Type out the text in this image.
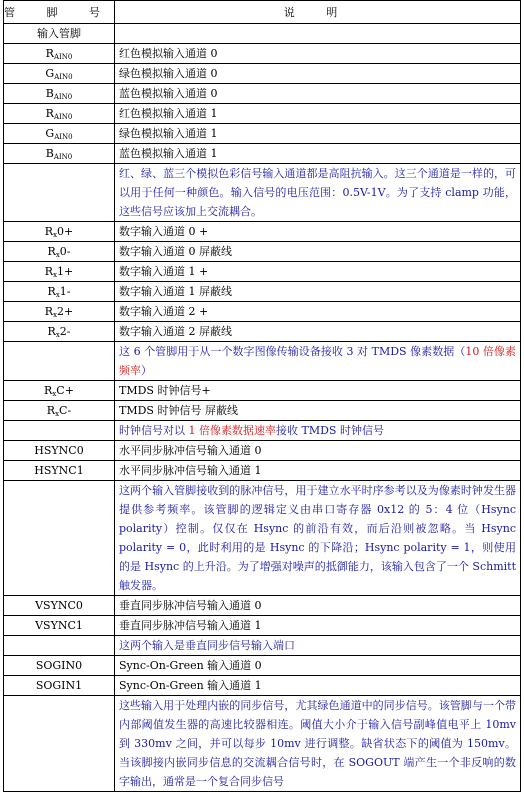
管 脚 号	说 明
输入管脚	
$R_{AIN0}$	红色模拟输入通道 0
$G_{AIN0}$	绿色模拟输入通道 0
$B_{AIN0}$	蓝色模拟输入通道 0
$R_{AIN0}$	红色模拟输入通道 1
$G_{AIN0}$	绿色模拟输入通道 1
$B_{AIN0}$	蓝色模拟输入通道 1
	红、绿、蓝三个模拟色彩信号输入通道都是高阻抗输入。这三个通道是一样的，可以用于任何一种颜色。输入信号的电压范围：0.5V-1V。为了支持 clamp 功能，这些信号应该加上交流耦合。
$R_x0+$	数字输入通道 0 +
$R_x0-$	数字输入通道 0 屏蔽线
$R_x1+$	数字输入通道 1 +
$R_x1-$	数字输入通道 1 屏蔽线
$R_x2+$	数字输入通道 2 +
$R_x2-$	数字输入通道 2 屏蔽线
	这 6 个管脚用于从一个数字图像传输设备接收 3 对 TMDS 像素数据（10 倍像素频率）
$R_xC+$	TMDS 时钟信号+
$R_xC-$	TMDS 时钟信号 屏蔽线
	时钟信号对以 1 倍像素数据速率接收 TMDS 时钟信号
HSYNC0	水平同步脉冲信号输入通道 0
HSYNC1	水平同步脉冲信号输入通道 1
	这两个输入管脚接收到的脉冲信号，用于建立水平时序参考以及为像素时钟发生器提供参考频率。该管脚的逻辑定义由串口寄存器 0x12 的 5：4 位（Hsync polarity）控制。仅仅在 Hsync 的前沿有效，而后沿则被忽略。当 Hsync polarity = 0，此时利用的是 Hsync 的下降沿；Hsync polarity = 1，则使用的是 Hsync 的上升沿。为了增强对噪声的抵御能力，该输入包含了一个 Schmitt 触发器。
VSYNC0	垂直同步脉冲信号输入通道 0
VSYNC1	垂直同步脉冲信号输入通道 1
	这两个输入是垂直同步信号输入端口
SOGIN0	Sync-On-Green 输入通道 0
SOGIN1	Sync-On-Green 输入通道 1
	这些输入用于处理内嵌的同步信号，尤其绿色通道中的同步信号。该管脚与一个带内部阈值发生器的高速比较器相连。阈值大小介于输入信号副峰值电平上 10mv 到 330mv 之间，并可以每步 10mv 进行调整。缺省状态下的阈值为 150mv。当该脚接内嵌同步信息的交流耦合信号时，在 SOGOUT 端产生一个非反响的数字输出，通常是一个复合同步信号
